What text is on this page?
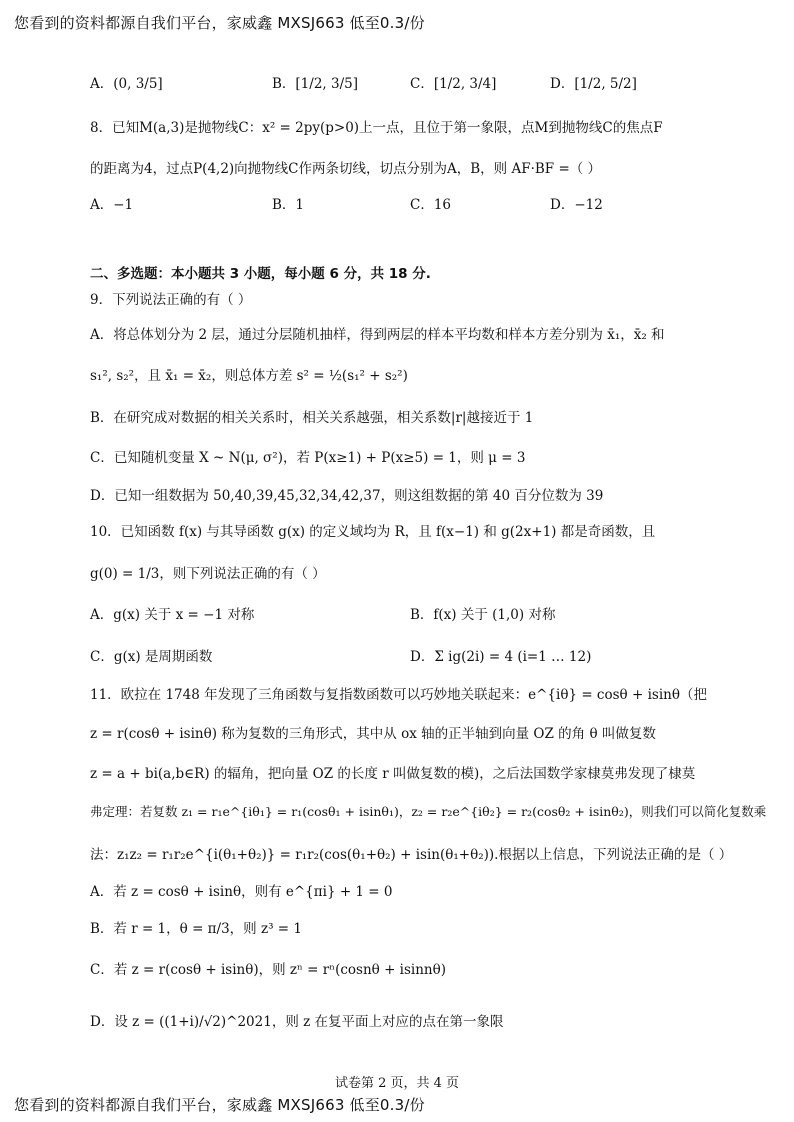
您看到的资料都源自我们平台，家威鑫 MXSJ663 低至0.3/份
A．(0, 3/5]	B．[1/2, 3/5]	C．[1/2, 3/4]	D．[1/2, 5/2]
8．已知M(a,3)是抛物线C：x² = 2py(p>0)上一点，且位于第一象限，点M到抛物线C的焦点F
的距离为4，过点P(4,2)向抛物线C作两条切线，切点分别为A，B，则 AF·BF =（ ）
A．−1	B．1	C．16	D．−12
二、多选题：本小题共 3 小题，每小题 6 分，共 18 分.
9．下列说法正确的有（ ）
A．将总体划分为 2 层，通过分层随机抽样，得到两层的样本平均数和样本方差分别为 x̄₁，x̄₂ 和
s₁², s₂²，且 x̄₁ = x̄₂，则总体方差 s² = ½(s₁² + s₂²)
B．在研究成对数据的相关关系时，相关关系越强，相关系数|r|越接近于 1
C．已知随机变量 X ~ N(μ, σ²)，若 P(x≥1) + P(x≥5) = 1，则 μ = 3
D．已知一组数据为 50,40,39,45,32,34,42,37，则这组数据的第 40 百分位数为 39
10．已知函数 f(x) 与其导函数 g(x) 的定义域均为 R，且 f(x−1) 和 g(2x+1) 都是奇函数，且
g(0) = 1/3，则下列说法正确的有（ ）
A．g(x) 关于 x = −1 对称	B．f(x) 关于 (1,0) 对称
C．g(x) 是周期函数	D．Σ ig(2i) = 4 (i=1 … 12)
11．欧拉在 1748 年发现了三角函数与复指数函数可以巧妙地关联起来：e^{iθ} = cosθ + isinθ（把
z = r(cosθ + isinθ) 称为复数的三角形式，其中从 ox 轴的正半轴到向量 OZ 的角 θ 叫做复数
z = a + bi(a,b∈R) 的辐角，把向量 OZ 的长度 r 叫做复数的模)，之后法国数学家棣莫弗发现了棣莫
弗定理：若复数 z₁ = r₁e^{iθ₁} = r₁(cosθ₁ + isinθ₁)，z₂ = r₂e^{iθ₂} = r₂(cosθ₂ + isinθ₂)，则我们可以简化复数乘
法：z₁z₂ = r₁r₂e^{i(θ₁+θ₂)} = r₁r₂(cos(θ₁+θ₂) + isin(θ₁+θ₂)).根据以上信息，下列说法正确的是（ ）
A．若 z = cosθ + isinθ，则有 e^{πi} + 1 = 0
B．若 r = 1，θ = π/3，则 z³ = 1
C．若 z = r(cosθ + isinθ)，则 zⁿ = rⁿ(cosnθ + isinnθ)
D．设 z = ((1+i)/√2)^2021，则 z 在复平面上对应的点在第一象限
试卷第 2 页，共 4 页
您看到的资料都源自我们平台，家威鑫 MXSJ663 低至0.3/份
